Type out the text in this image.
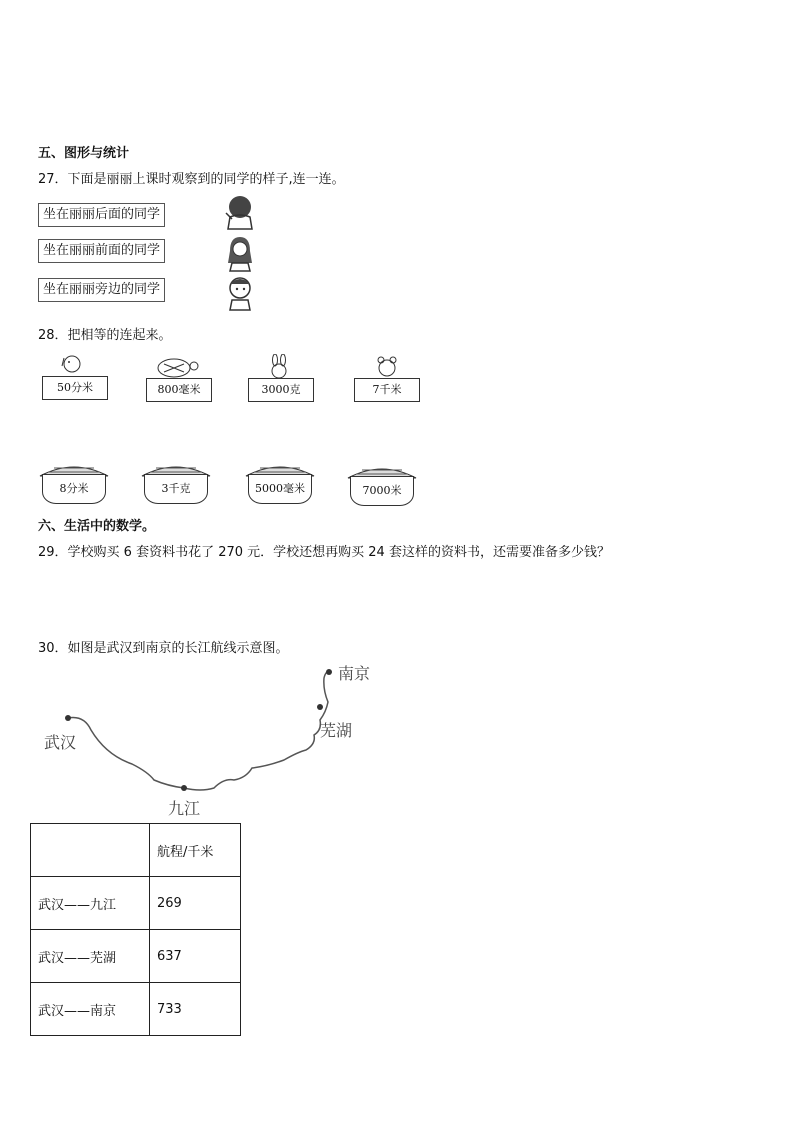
五、图形与统计
27．下面是丽丽上课时观察到的同学的样子,连一连。
坐在丽丽后面的同学
坐在丽丽前面的同学
坐在丽丽旁边的同学
28．把相等的连起来。
50分米	800毫米	3000克	7千米
8分米	3千克	5000毫米	7000米
六、生活中的数学。
29．学校购买 6 套资料书花了 270 元．学校还想再购买 24 套这样的资料书，还需要准备多少钱？
30．如图是武汉到南京的长江航线示意图。
武汉
九江
芜湖
南京
	航程/千米
武汉——九江	269
武汉——芜湖	637
武汉——南京	733
